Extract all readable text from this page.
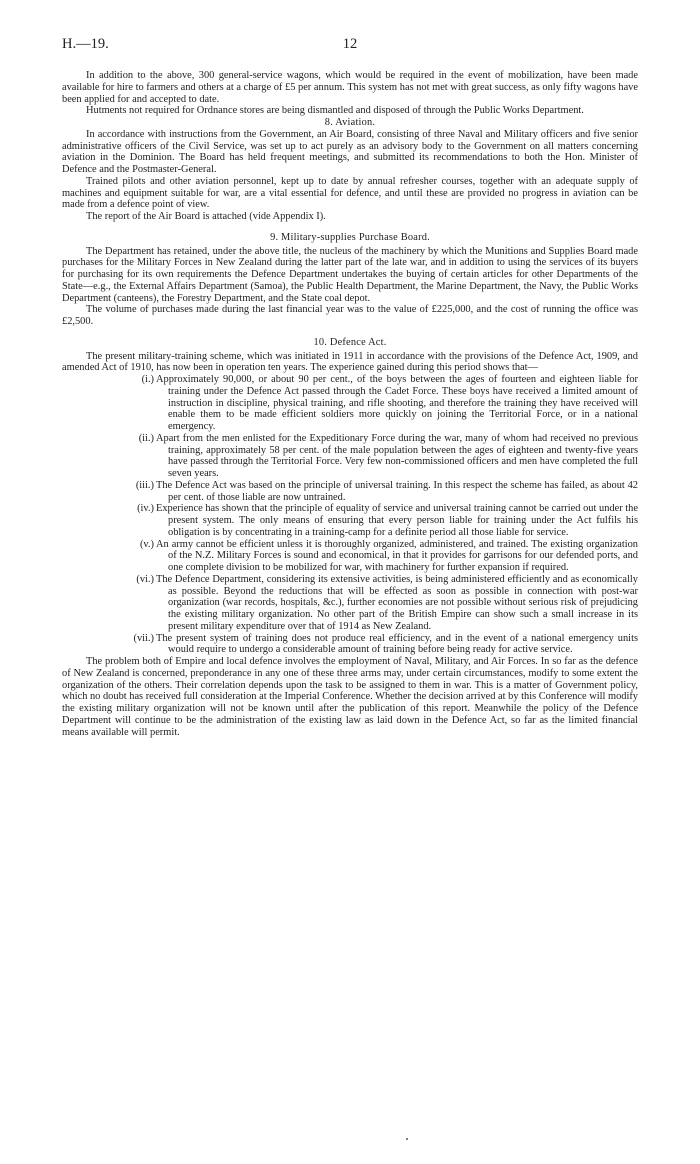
H.—19.	12

In addition to the above, 300 general-service wagons, which would be required in the event of mobilization, have been made available for hire to farmers and others at a charge of £5 per annum. This system has not met with great success, as only fifty wagons have been applied for and accepted to date.

Hutments not required for Ordnance stores are being dismantled and disposed of through the Public Works Department.

8. Aviation.

In accordance with instructions from the Government, an Air Board, consisting of three Naval and Military officers and five senior administrative officers of the Civil Service, was set up to act purely as an advisory body to the Government on all matters concerning aviation in the Dominion. The Board has held frequent meetings, and submitted its recommendations to both the Hon. Minister of Defence and the Postmaster-General.

Trained pilots and other aviation personnel, kept up to date by annual refresher courses, together with an adequate supply of machines and equipment suitable for war, are a vital essential for defence, and until these are provided no progress in aviation can be made from a defence point of view.

The report of the Air Board is attached (vide Appendix I).

9. Military-supplies Purchase Board.

The Department has retained, under the above title, the nucleus of the machinery by which the Munitions and Supplies Board made purchases for the Military Forces in New Zealand during the latter part of the late war, and in addition to using the services of its buyers for purchasing for its own requirements the Defence Department undertakes the buying of certain articles for other Departments of the State—e.g., the External Affairs Department (Samoa), the Public Health Department, the Marine Department, the Navy, the Public Works Department (canteens), the Forestry Department, and the State coal depot.

The volume of purchases made during the last financial year was to the value of £225,000, and the cost of running the office was £2,500.

10. Defence Act.

The present military-training scheme, which was initiated in 1911 in accordance with the provisions of the Defence Act, 1909, and amended Act of 1910, has now been in operation ten years. The experience gained during this period shows that—

(i.) Approximately 90,000, or about 90 per cent., of the boys between the ages of fourteen and eighteen liable for training under the Defence Act passed through the Cadet Force. These boys have received a limited amount of instruction in discipline, physical training, and rifle shooting, and therefore the training they have received will enable them to be made efficient soldiers more quickly on joining the Territorial Force, or in a national emergency.
(ii.) Apart from the men enlisted for the Expeditionary Force during the war, many of whom had received no previous training, approximately 58 per cent. of the male population between the ages of eighteen and twenty-five years have passed through the Territorial Force. Very few non-commissioned officers and men have completed the full seven years.
(iii.) The Defence Act was based on the principle of universal training. In this respect the scheme has failed, as about 42 per cent. of those liable are now untrained.
(iv.) Experience has shown that the principle of equality of service and universal training cannot be carried out under the present system. The only means of ensuring that every person liable for training under the Act fulfils his obligation is by concentrating in a training-camp for a definite period all those liable for service.
(v.) An army cannot be efficient unless it is thoroughly organized, administered, and trained. The existing organization of the N.Z. Military Forces is sound and economical, in that it provides for garrisons for our defended ports, and one complete division to be mobilized for war, with machinery for further expansion if required.
(vi.) The Defence Department, considering its extensive activities, is being administered efficiently and as economically as possible. Beyond the reductions that will be effected as soon as possible in connection with post-war organization (war records, hospitals, &c.), further economies are not possible without serious risk of prejudicing the existing military organization. No other part of the British Empire can show such a small increase in its present military expenditure over that of 1914 as New Zealand.
(vii.) The present system of training does not produce real efficiency, and in the event of a national emergency units would require to undergo a considerable amount of training before being ready for active service.

The problem both of Empire and local defence involves the employment of Naval, Military, and Air Forces. In so far as the defence of New Zealand is concerned, preponderance in any one of these three arms may, under certain circumstances, modify to some extent the organization of the others. Their correlation depends upon the task to be assigned to them in war. This is a matter of Government policy, which no doubt has received full consideration at the Imperial Conference. Whether the decision arrived at by this Conference will modify the existing military organization will not be known until after the publication of this report. Meanwhile the policy of the Defence Department will continue to be the administration of the existing law as laid down in the Defence Act, so far as the limited financial means available will permit.
